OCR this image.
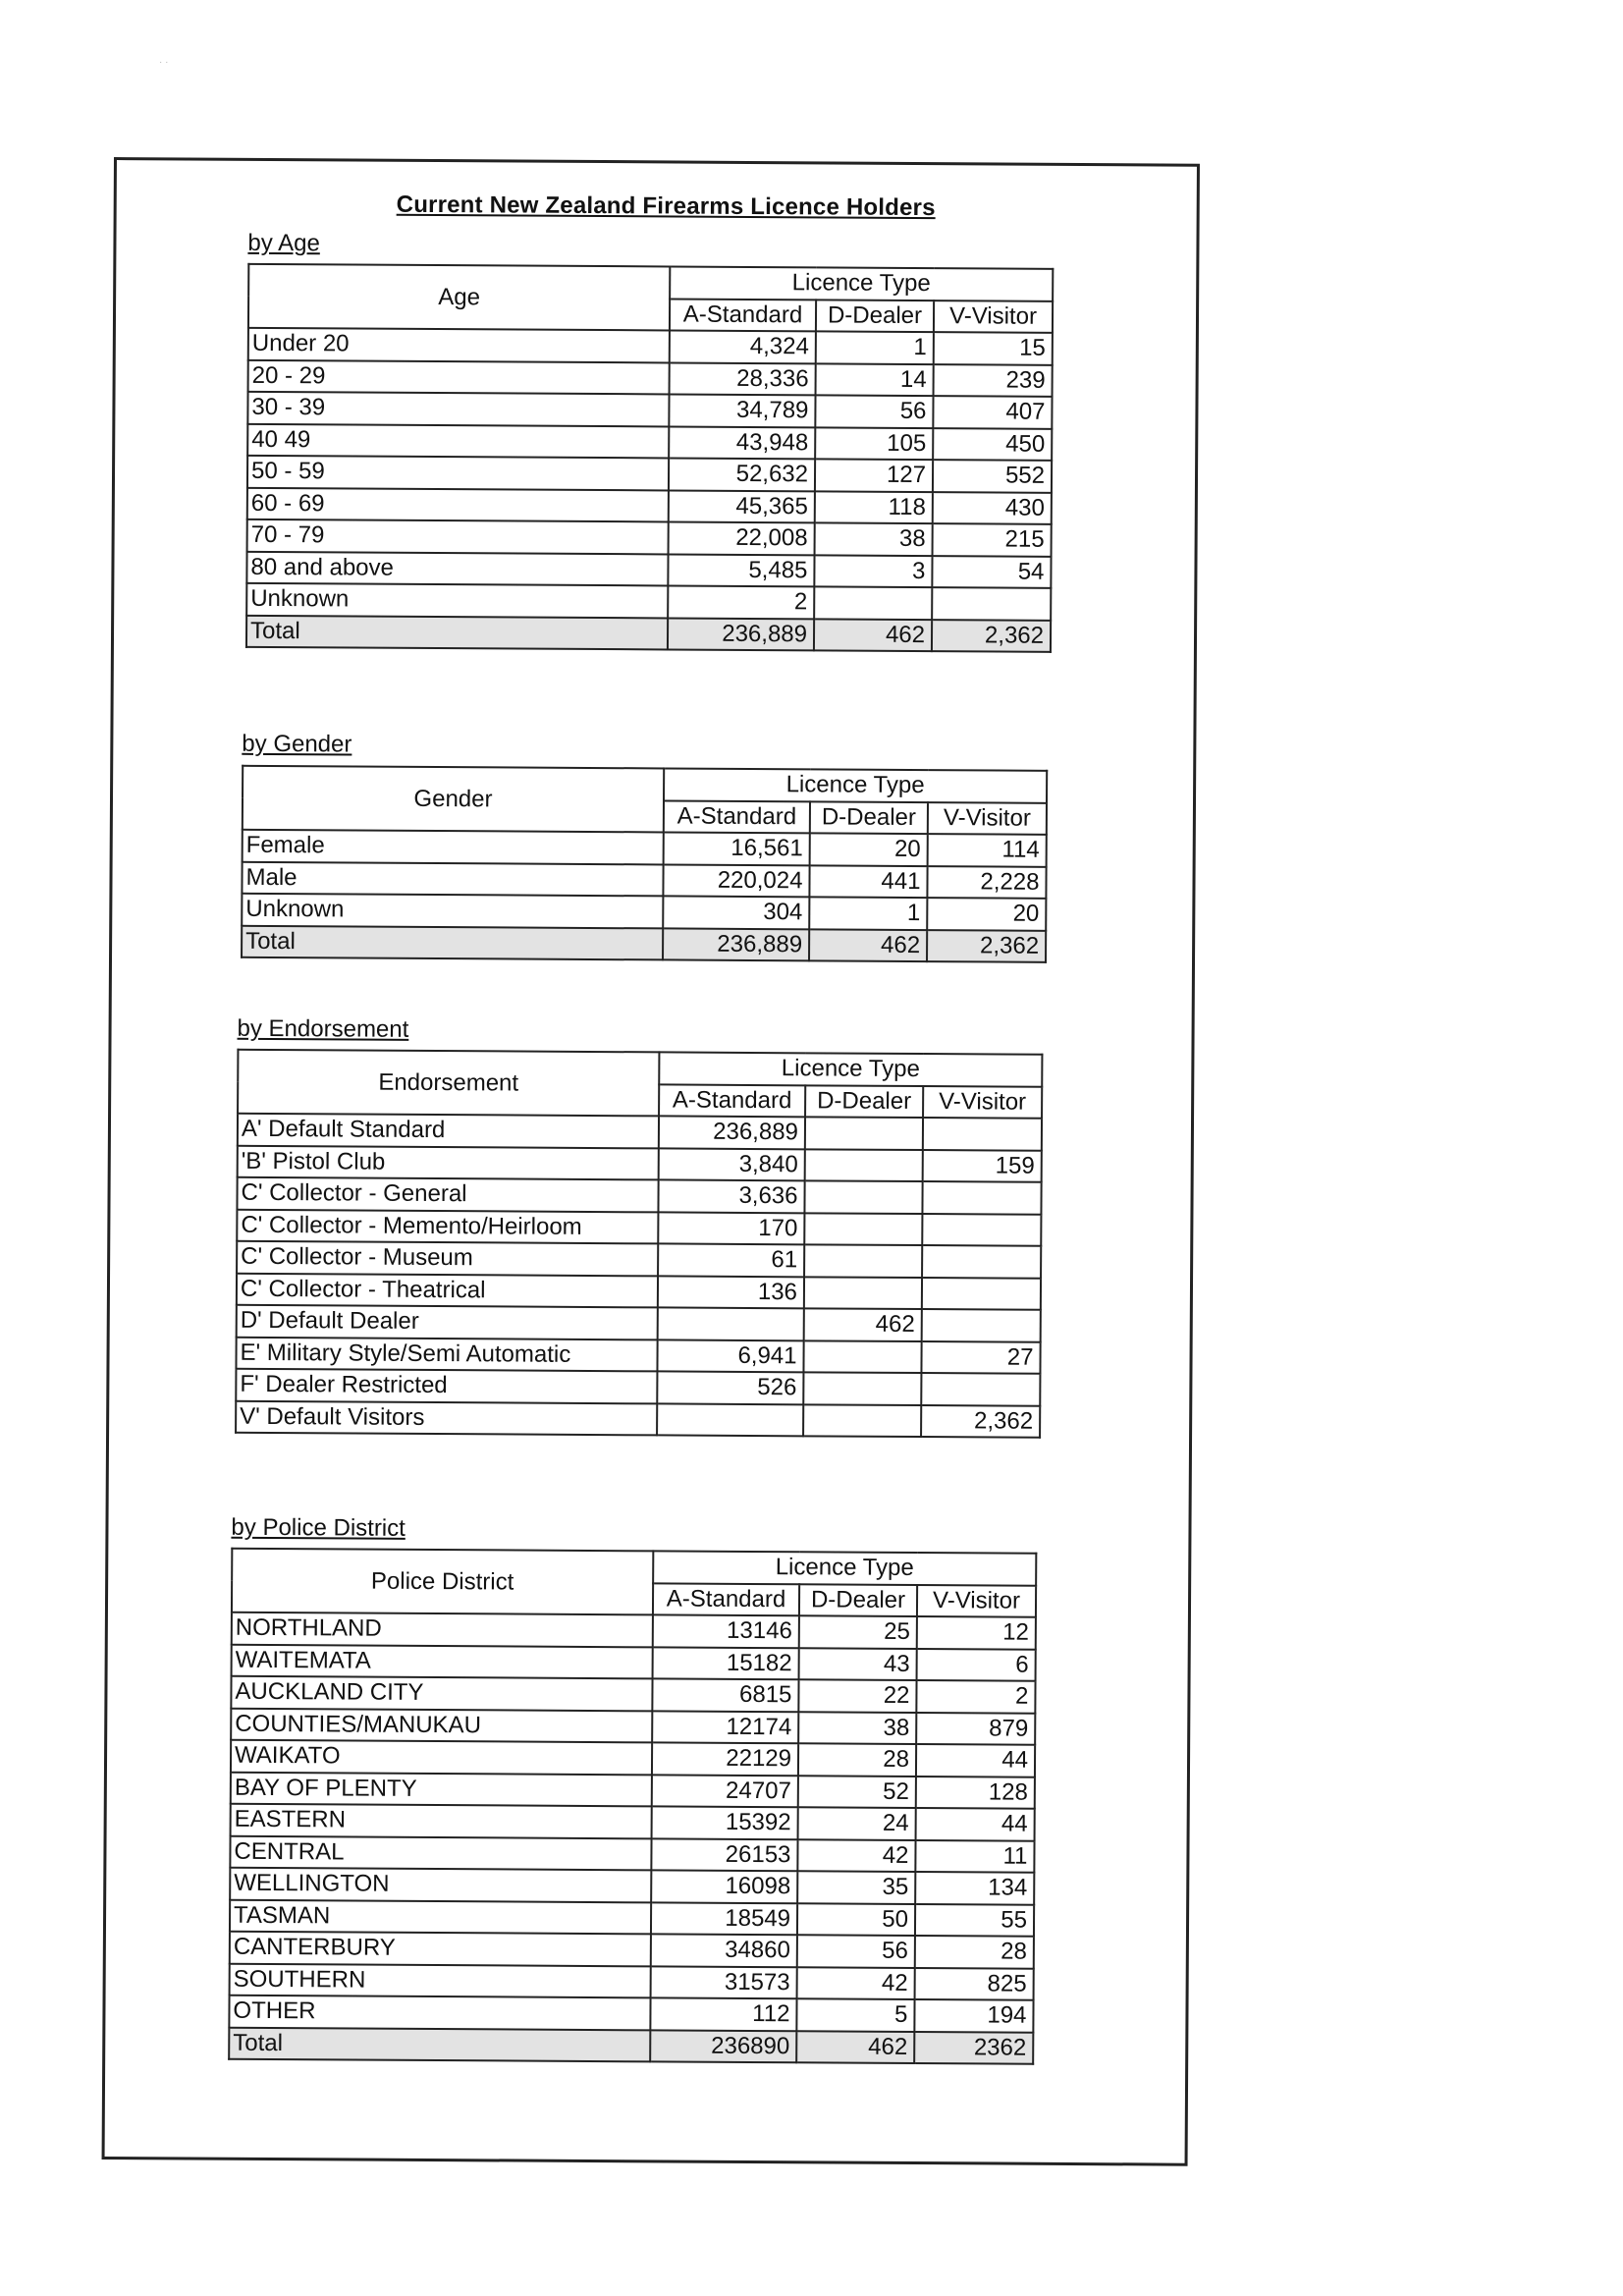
· ·
Current New Zealand Firearms Licence Holders
by Age
Age	Licence Type		
	A-Standard	D-Dealer	V-Visitor
Under 20	4,324	1	15
20 - 29	28,336	14	239
30 - 39	34,789	56	407
40 49	43,948	105	450
50 - 59	52,632	127	552
60 - 69	45,365	118	430
70 - 79	22,008	38	215
80 and above	5,485	3	54
Unknown	2		
Total	236,889	462	2,362
by Gender
Gender	Licence Type		
	A-Standard	D-Dealer	V-Visitor
Female	16,561	20	114
Male	220,024	441	2,228
Unknown	304	1	20
Total	236,889	462	2,362
by Endorsement
Endorsement	Licence Type		
	A-Standard	D-Dealer	V-Visitor
A' Default Standard	236,889		
'B' Pistol Club	3,840		159
C' Collector - General	3,636		
C' Collector - Memento/Heirloom	170		
C' Collector - Museum	61		
C' Collector - Theatrical	136		
D' Default Dealer		462	
E' Military Style/Semi Automatic	6,941		27
F' Dealer Restricted	526		
V' Default Visitors			2,362
by Police District
Police District	Licence Type		
	A-Standard	D-Dealer	V-Visitor
NORTHLAND	13146	25	12
WAITEMATA	15182	43	6
AUCKLAND CITY	6815	22	2
COUNTIES/MANUKAU	12174	38	879
WAIKATO	22129	28	44
BAY OF PLENTY	24707	52	128
EASTERN	15392	24	44
CENTRAL	26153	42	11
WELLINGTON	16098	35	134
TASMAN	18549	50	55
CANTERBURY	34860	56	28
SOUTHERN	31573	42	825
OTHER	112	5	194
Total	236890	462	2362
